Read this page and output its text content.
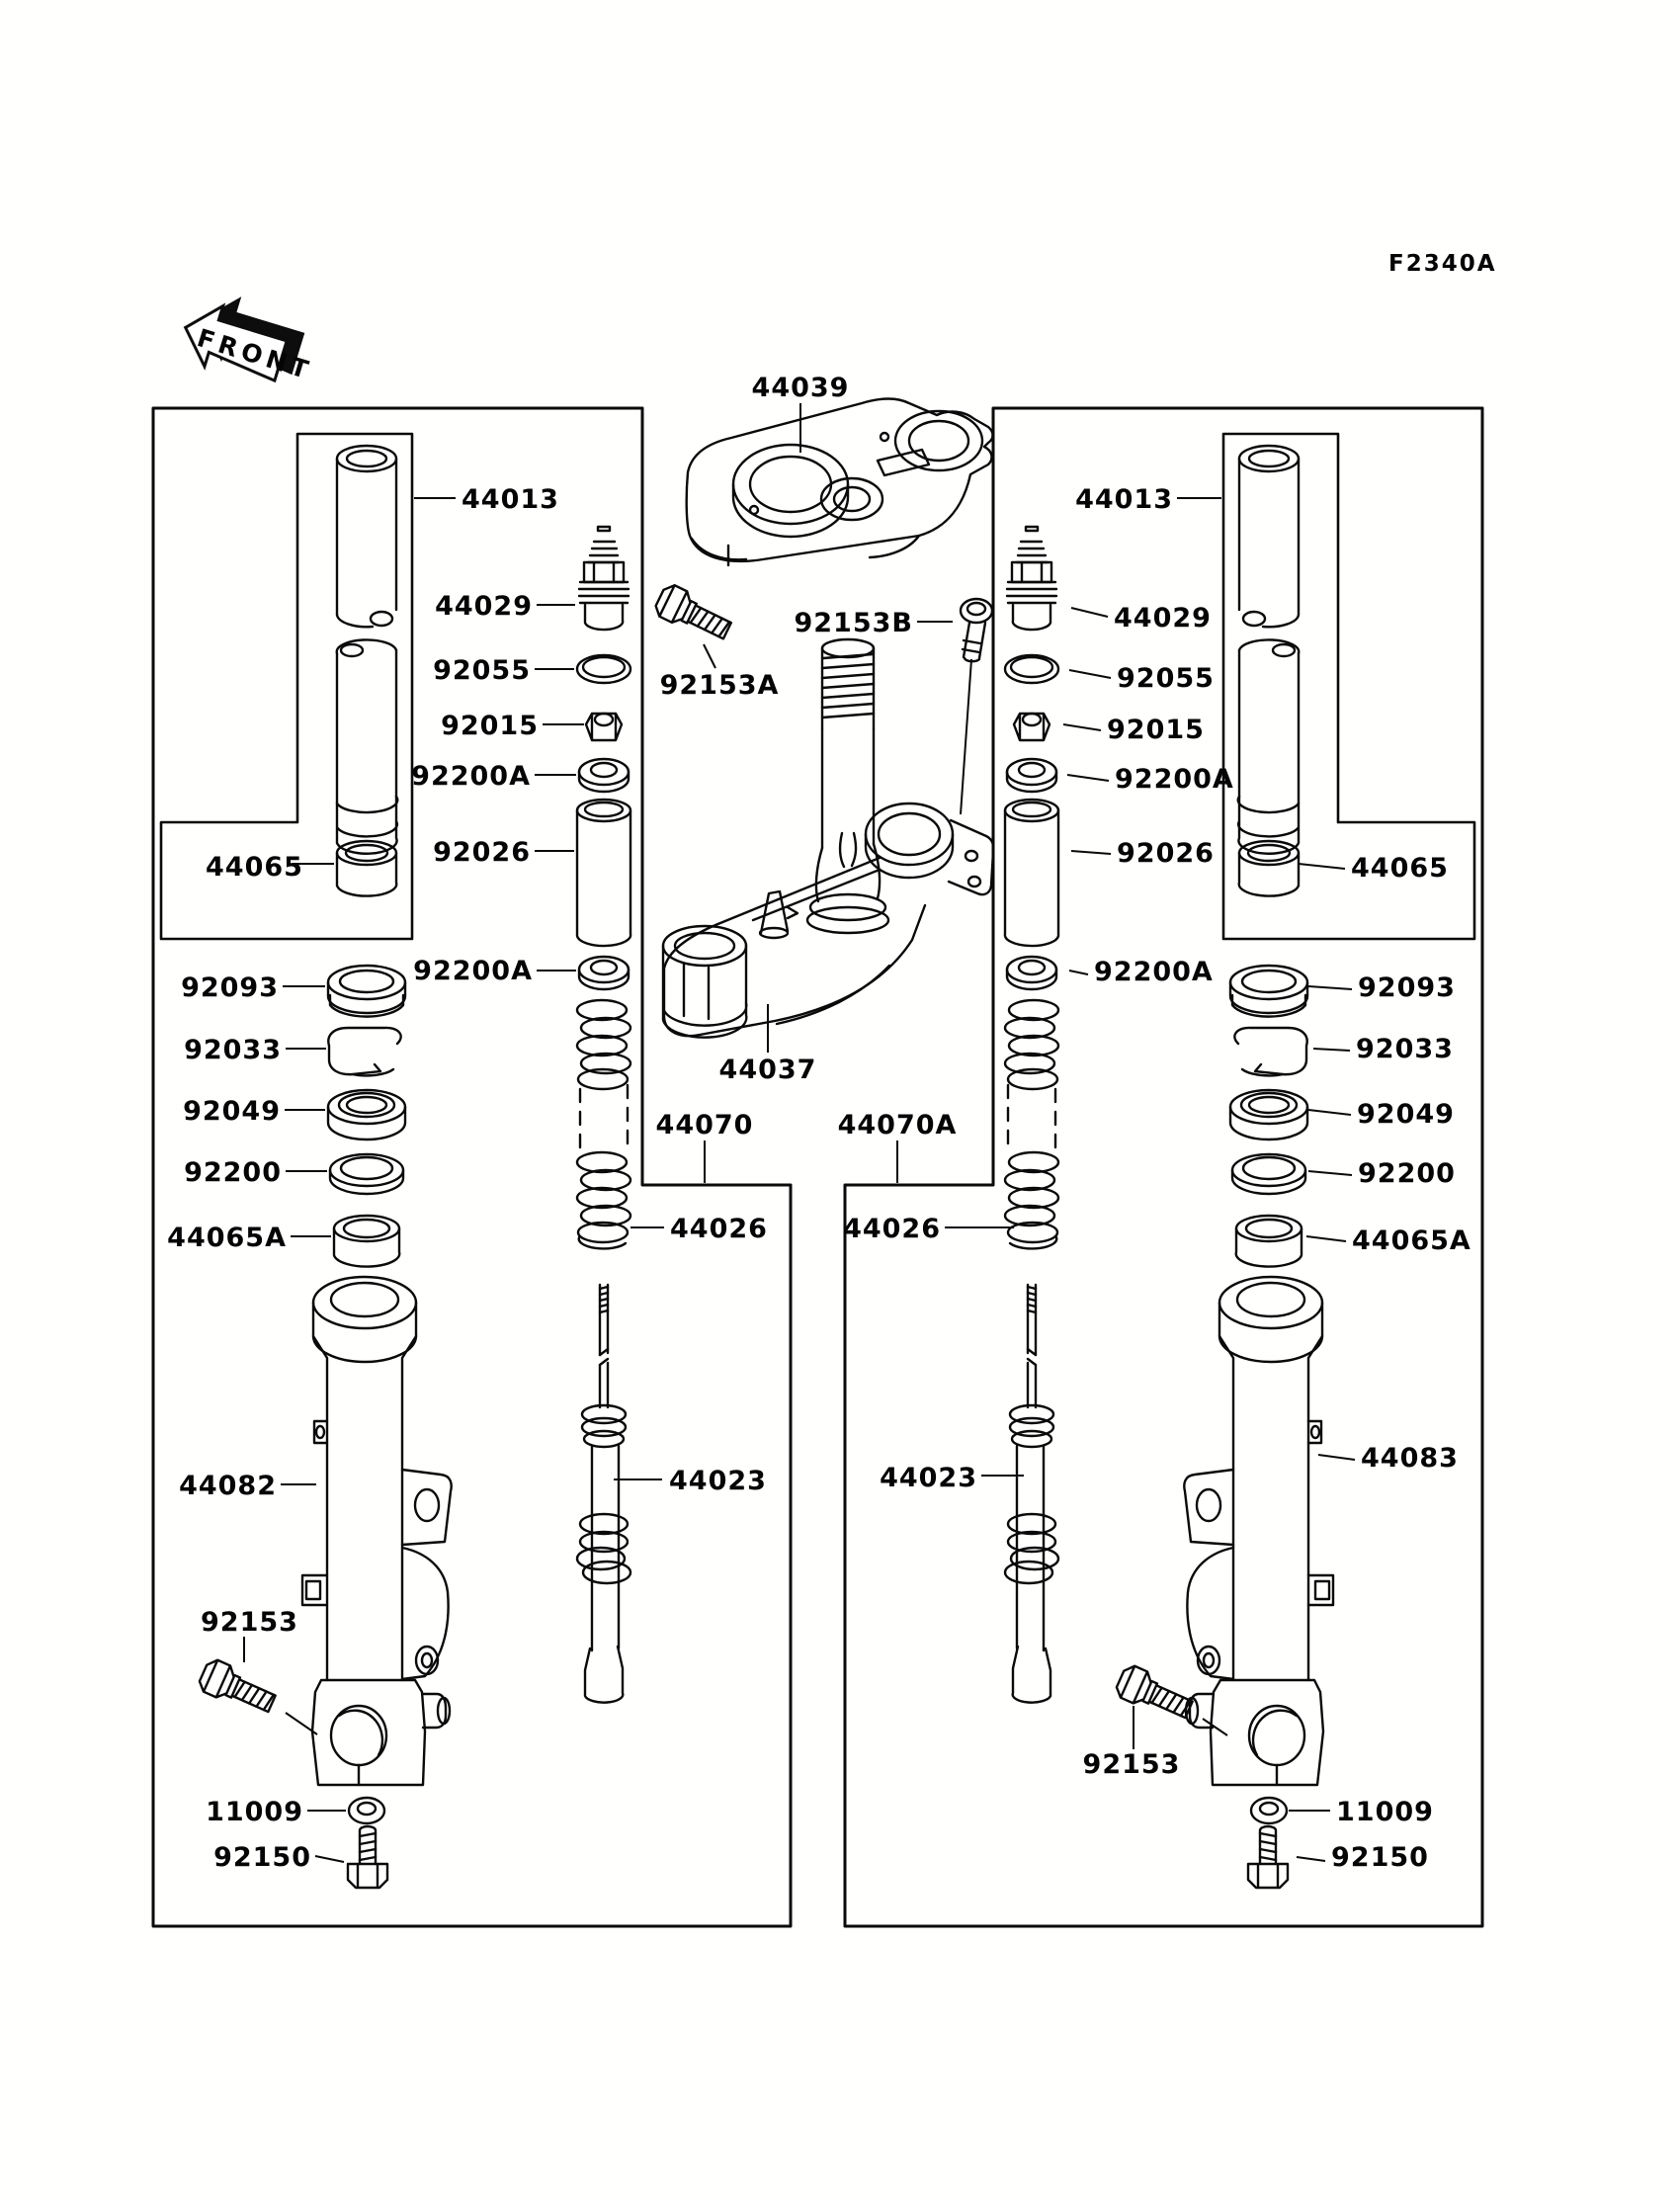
FRONT
F2340A
44039
92153A
92153B
44037
44070	44070A
44013
44029
92055
92015
92200A
92026
44065
92093
92033
92049
92200
44065A
92200A
44026
44082	44023
92153
11009
92150
44013
44029
92055
92015
92200A
92026	44065
92093
92033
92049
92200
44065A
92200A
44026
44023
44083
92153
11009
92150
